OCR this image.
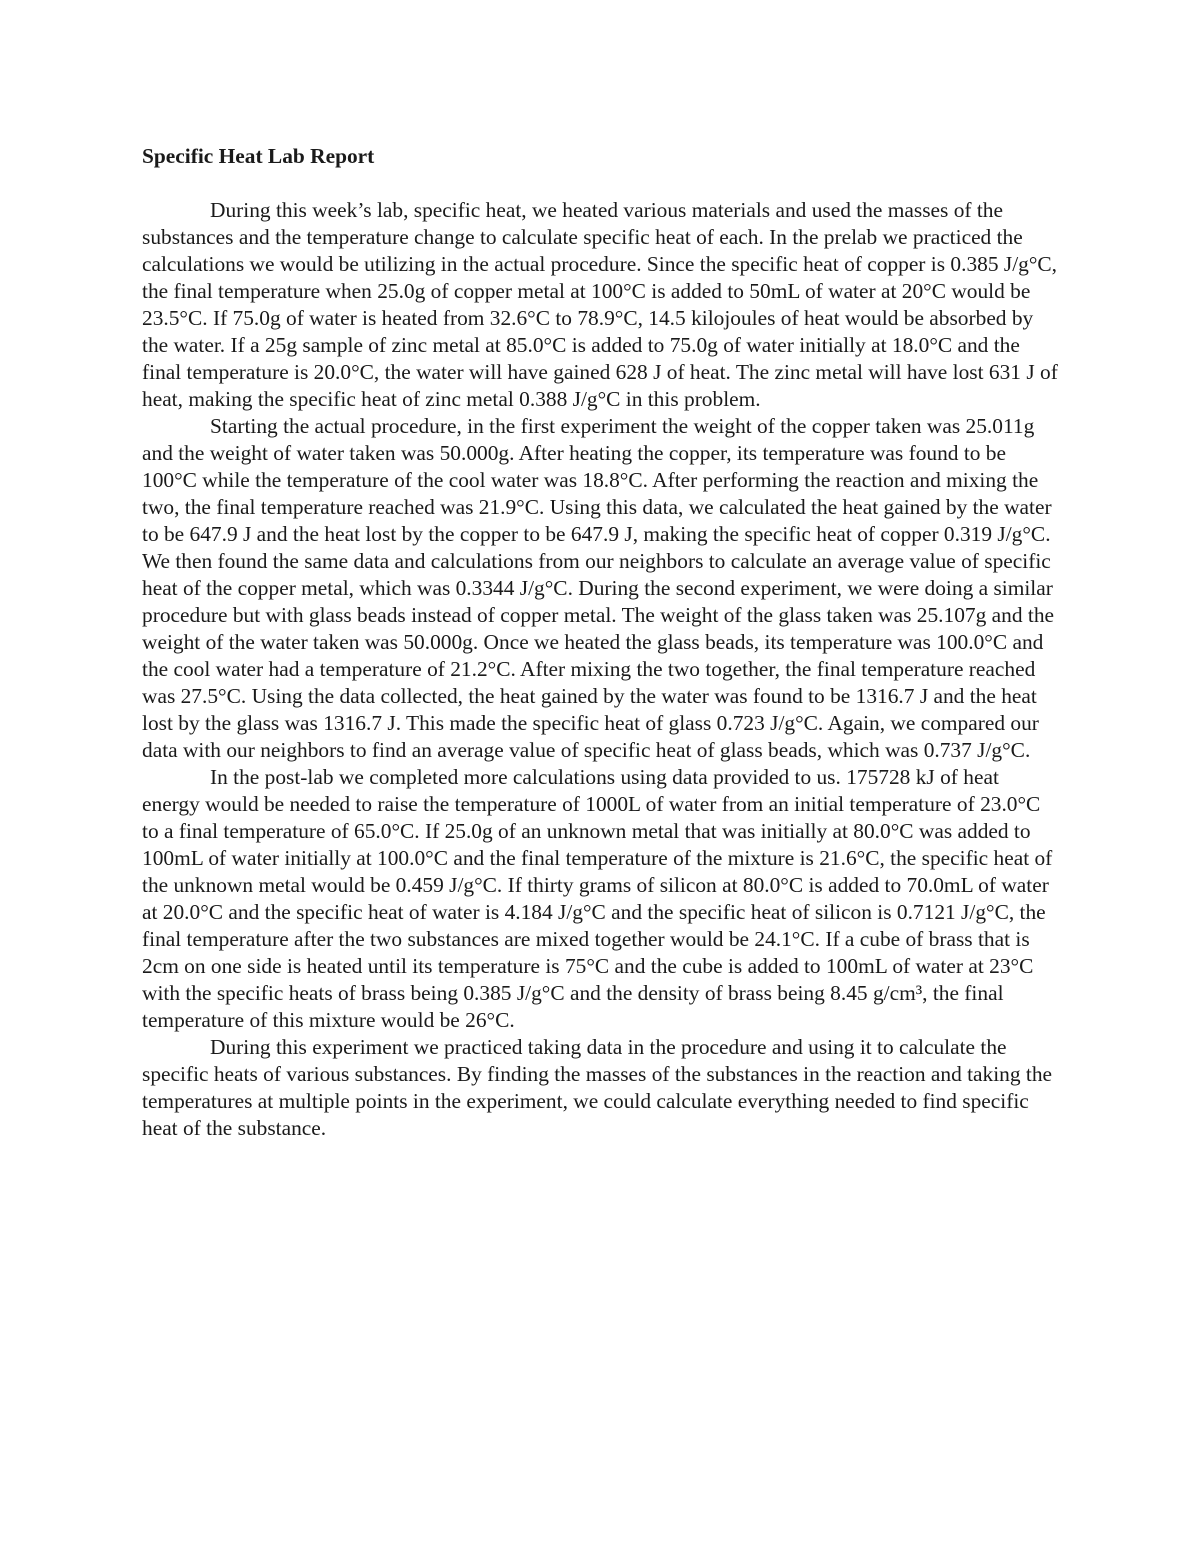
Specific Heat Lab Report

During this week’s lab, specific heat, we heated various materials and used the masses of the substances and the temperature change to calculate specific heat of each. In the prelab we practiced the calculations we would be utilizing in the actual procedure. Since the specific heat of copper is 0.385 J/g°C, the final temperature when 25.0g of copper metal at 100°C is added to 50mL of water at 20°C would be 23.5°C. If 75.0g of water is heated from 32.6°C to 78.9°C, 14.5 kilojoules of heat would be absorbed by the water. If a 25g sample of zinc metal at 85.0°C is added to 75.0g of water initially at 18.0°C and the final temperature is 20.0°C, the water will have gained 628 J of heat. The zinc metal will have lost 631 J of heat, making the specific heat of zinc metal 0.388 J/g°C in this problem.

Starting the actual procedure, in the first experiment the weight of the copper taken was 25.011g and the weight of water taken was 50.000g. After heating the copper, its temperature was found to be 100°C while the temperature of the cool water was 18.8°C. After performing the reaction and mixing the two, the final temperature reached was 21.9°C. Using this data, we calculated the heat gained by the water to be 647.9 J and the heat lost by the copper to be 647.9 J, making the specific heat of copper 0.319 J/g°C. We then found the same data and calculations from our neighbors to calculate an average value of specific heat of the copper metal, which was 0.3344 J/g°C. During the second experiment, we were doing a similar procedure but with glass beads instead of copper metal. The weight of the glass taken was 25.107g and the weight of the water taken was 50.000g. Once we heated the glass beads, its temperature was 100.0°C and the cool water had a temperature of 21.2°C. After mixing the two together, the final temperature reached was 27.5°C. Using the data collected, the heat gained by the water was found to be 1316.7 J and the heat lost by the glass was 1316.7 J. This made the specific heat of glass 0.723 J/g°C. Again, we compared our data with our neighbors to find an average value of specific heat of glass beads, which was 0.737 J/g°C.

In the post-lab we completed more calculations using data provided to us. 175728 kJ of heat energy would be needed to raise the temperature of 1000L of water from an initial temperature of 23.0°C to a final temperature of 65.0°C. If 25.0g of an unknown metal that was initially at 80.0°C was added to 100mL of water initially at 100.0°C and the final temperature of the mixture is 21.6°C, the specific heat of the unknown metal would be 0.459 J/g°C. If thirty grams of silicon at 80.0°C is added to 70.0mL of water at 20.0°C and the specific heat of water is 4.184 J/g°C and the specific heat of silicon is 0.7121 J/g°C, the final temperature after the two substances are mixed together would be 24.1°C. If a cube of brass that is 2cm on one side is heated until its temperature is 75°C and the cube is added to 100mL of water at 23°C with the specific heats of brass being 0.385 J/g°C and the density of brass being 8.45 g/cm³, the final temperature of this mixture would be 26°C.

During this experiment we practiced taking data in the procedure and using it to calculate the specific heats of various substances. By finding the masses of the substances in the reaction and taking the temperatures at multiple points in the experiment, we could calculate everything needed to find specific heat of the substance.
